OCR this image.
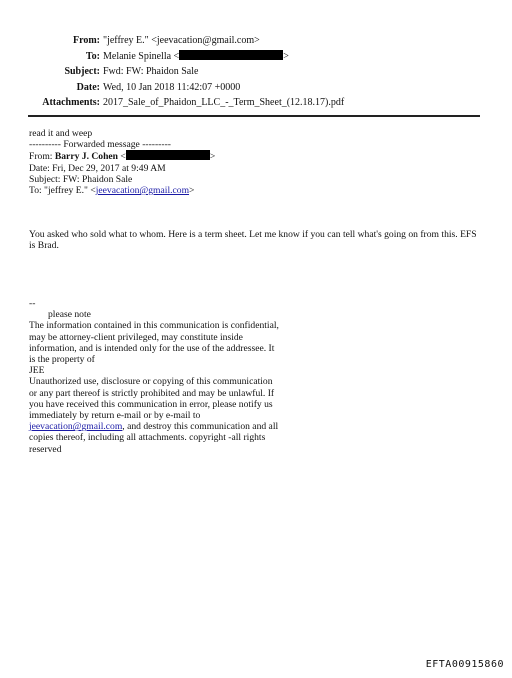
From: "jeffrey E." <jeevacation@gmail.com>
To: Melanie Spinella <	>
Subject: Fwd: FW: Phaidon Sale
Date: Wed, 10 Jan 2018 11:42:07 +0000
Attachments: 2017_Sale_of_Phaidon_LLC_-_Term_Sheet_(12.18.17).pdf
read it and weep
---------- Forwarded message ---------
From: Barry J. Cohen <	>
Date: Fri, Dec 29, 2017 at 9:49 AM
Subject: FW: Phaidon Sale
To: "jeffrey E." <jeevacation@gmail.com>
You asked who sold what to whom. Here is a term sheet. Let me know if you can tell what's going on from this. EFS is Brad.
--
please note
The information contained in this communication is confidential, may be attorney-client privileged, may constitute inside information, and is intended only for the use of the addressee. It is the property of
JEE
Unauthorized use, disclosure or copying of this communication or any part thereof is strictly prohibited and may be unlawful. If you have received this communication in error, please notify us immediately by return e-mail or by e-mail to jeevacation@gmail.com, and destroy this communication and all copies thereof, including all attachments. copyright -all rights reserved
EFTA00915860
